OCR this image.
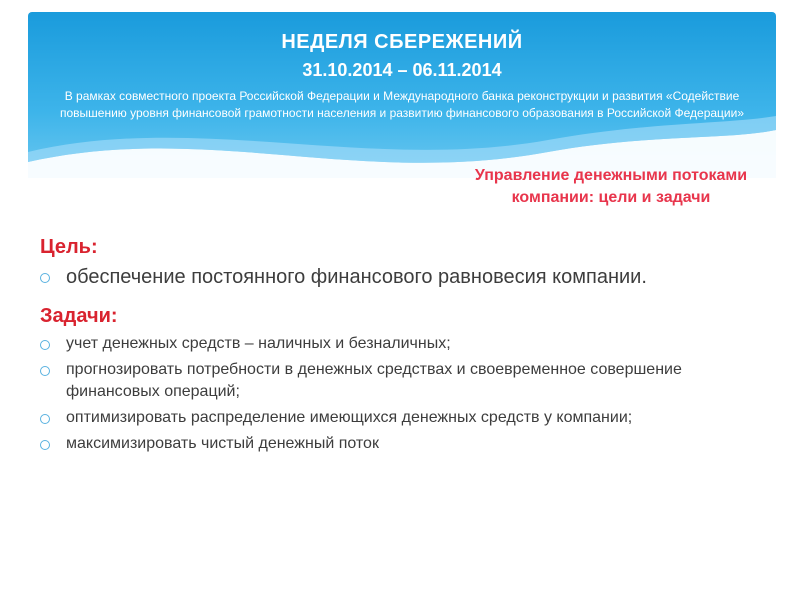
НЕДЕЛЯ СБЕРЕЖЕНИЙ
31.10.2014 – 06.11.2014
В рамках совместного проекта Российской Федерации и Международного банка реконструкции и развития «Содействие повышению уровня финансовой грамотности населения и развитию финансового образования в Российской Федерации»
Управление денежными потоками компании: цели и задачи
Цель:
обеспечение постоянного финансового равновесия компании.
Задачи:
учет денежных средств – наличных и безналичных;
прогнозировать потребности в денежных средствах и своевременное совершение финансовых операций;
оптимизировать распределение имеющихся денежных средств у компании;
максимизировать чистый денежный поток
